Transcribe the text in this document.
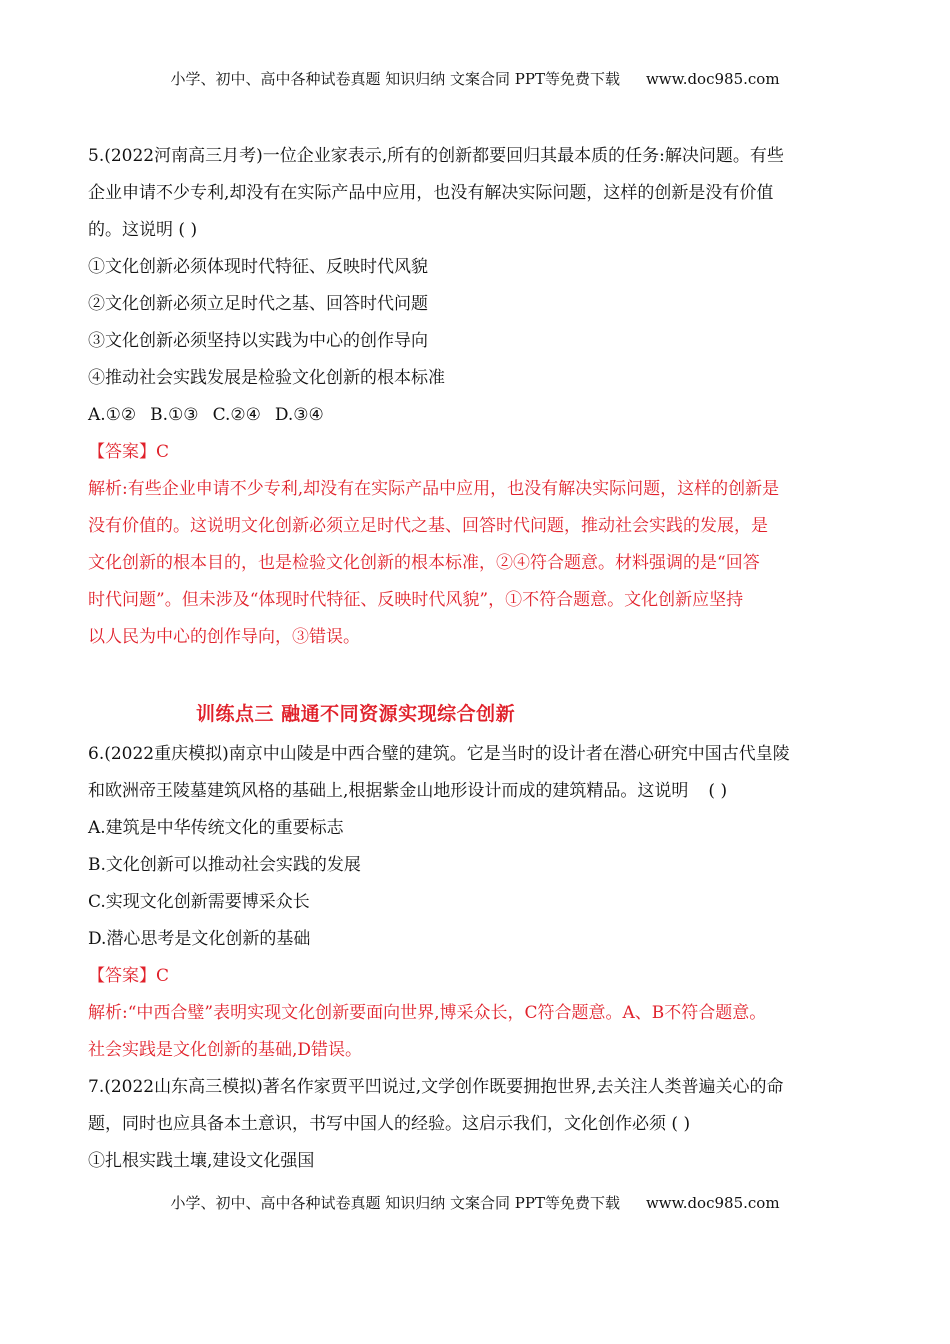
小学、初中、高中各种试卷真题 知识归纳 文案合同 PPT等免费下载 www.doc985.com

5.(2022河南高三月考)一位企业家表示,所有的创新都要回归其最本质的任务:解决问题。有些

企业申请不少专利,却没有在实际产品中应用，也没有解决实际问题，这样的创新是没有价值

的。这说明 ( )

①文化创新必须体现时代特征、反映时代风貌

②文化创新必须立足时代之基、回答时代问题

③文化创新必须坚持以实践为中心的创作导向

④推动社会实践发展是检验文化创新的根本标准

A.①② B.①③ C.②④ D.③④

【答案】C

解析:有些企业申请不少专利,却没有在实际产品中应用，也没有解决实际问题，这样的创新是

没有价值的。这说明文化创新必须立足时代之基、回答时代问题，推动社会实践的发展，是

文化创新的根本目的，也是检验文化创新的根本标准，②④符合题意。材料强调的是“回答

时代问题”。但未涉及“体现时代特征、反映时代风貌”，①不符合题意。文化创新应坚持

以人民为中心的创作导向，③错误。

训练点三 融通不同资源实现综合创新

6.(2022重庆模拟)南京中山陵是中西合璧的建筑。它是当时的设计者在潜心研究中国古代皇陵

和欧洲帝王陵墓建筑风格的基础上,根据紫金山地形设计而成的建筑精品。这说明 ( )

A.建筑是中华传统文化的重要标志

B.文化创新可以推动社会实践的发展

C.实现文化创新需要博采众长

D.潜心思考是文化创新的基础

【答案】C

解析:“中西合璧”表明实现文化创新要面向世界,博采众长，C符合题意。A、B不符合题意。

社会实践是文化创新的基础,D错误。

7.(2022山东高三模拟)著名作家贾平凹说过,文学创作既要拥抱世界,去关注人类普遍关心的命

题，同时也应具备本土意识，书写中国人的经验。这启示我们，文化创作必须 ( )

①扎根实践土壤,建设文化强国

小学、初中、高中各种试卷真题 知识归纳 文案合同 PPT等免费下载 www.doc985.com
